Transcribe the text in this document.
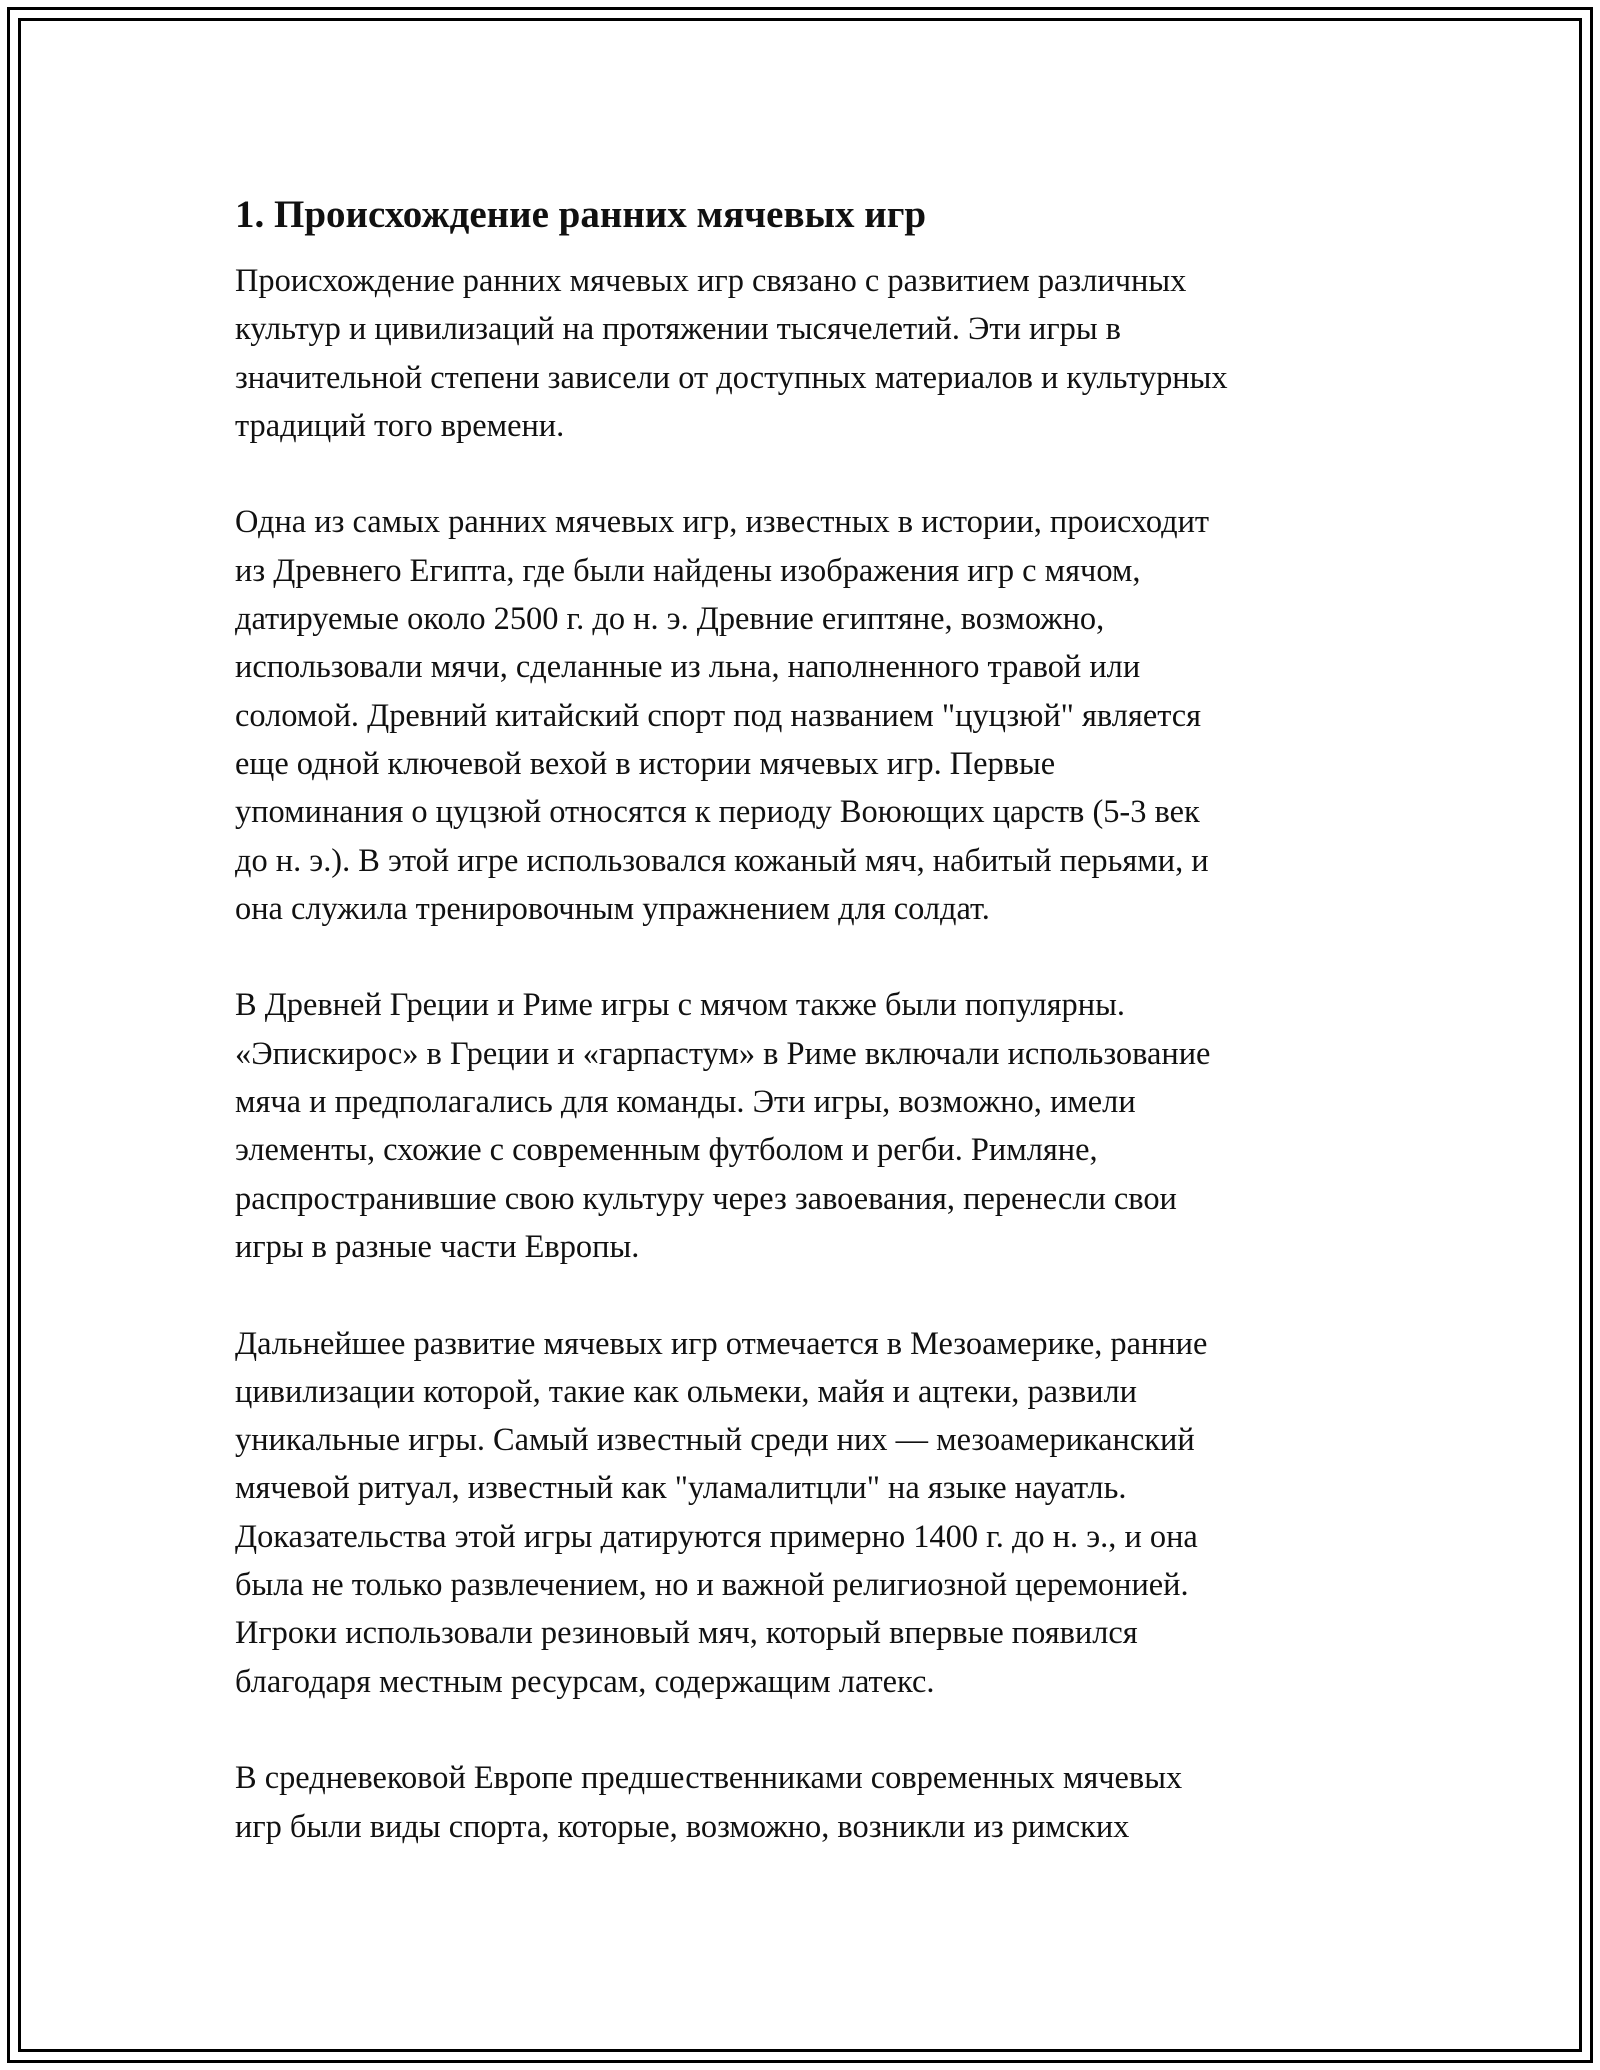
1. Происхождение ранних мячевых игр

Происхождение ранних мячевых игр связано с развитием различных
культур и цивилизаций на протяжении тысячелетий. Эти игры в
значительной степени зависели от доступных материалов и культурных
традиций того времени.

Одна из самых ранних мячевых игр, известных в истории, происходит
из Древнего Египта, где были найдены изображения игр с мячом,
датируемые около 2500 г. до н. э. Древние египтяне, возможно,
использовали мячи, сделанные из льна, наполненного травой или
соломой. Древний китайский спорт под названием "цуцзюй" является
еще одной ключевой вехой в истории мячевых игр. Первые
упоминания о цуцзюй относятся к периоду Воюющих царств (5-3 век
до н. э.). В этой игре использовался кожаный мяч, набитый перьями, и
она служила тренировочным упражнением для солдат.

В Древней Греции и Риме игры с мячом также были популярны.
«Эпискирос» в Греции и «гарпастум» в Риме включали использование
мяча и предполагались для команды. Эти игры, возможно, имели
элементы, схожие с современным футболом и регби. Римляне,
распространившие свою культуру через завоевания, перенесли свои
игры в разные части Европы.

Дальнейшее развитие мячевых игр отмечается в Мезоамерике, ранние
цивилизации которой, такие как ольмеки, майя и ацтеки, развили
уникальные игры. Самый известный среди них — мезоамериканский
мячевой ритуал, известный как "уламалитцли" на языке науатль.
Доказательства этой игры датируются примерно 1400 г. до н. э., и она
была не только развлечением, но и важной религиозной церемонией.
Игроки использовали резиновый мяч, который впервые появился
благодаря местным ресурсам, содержащим латекс.

В средневековой Европе предшественниками современных мячевых
игр были виды спорта, которые, возможно, возникли из римских
